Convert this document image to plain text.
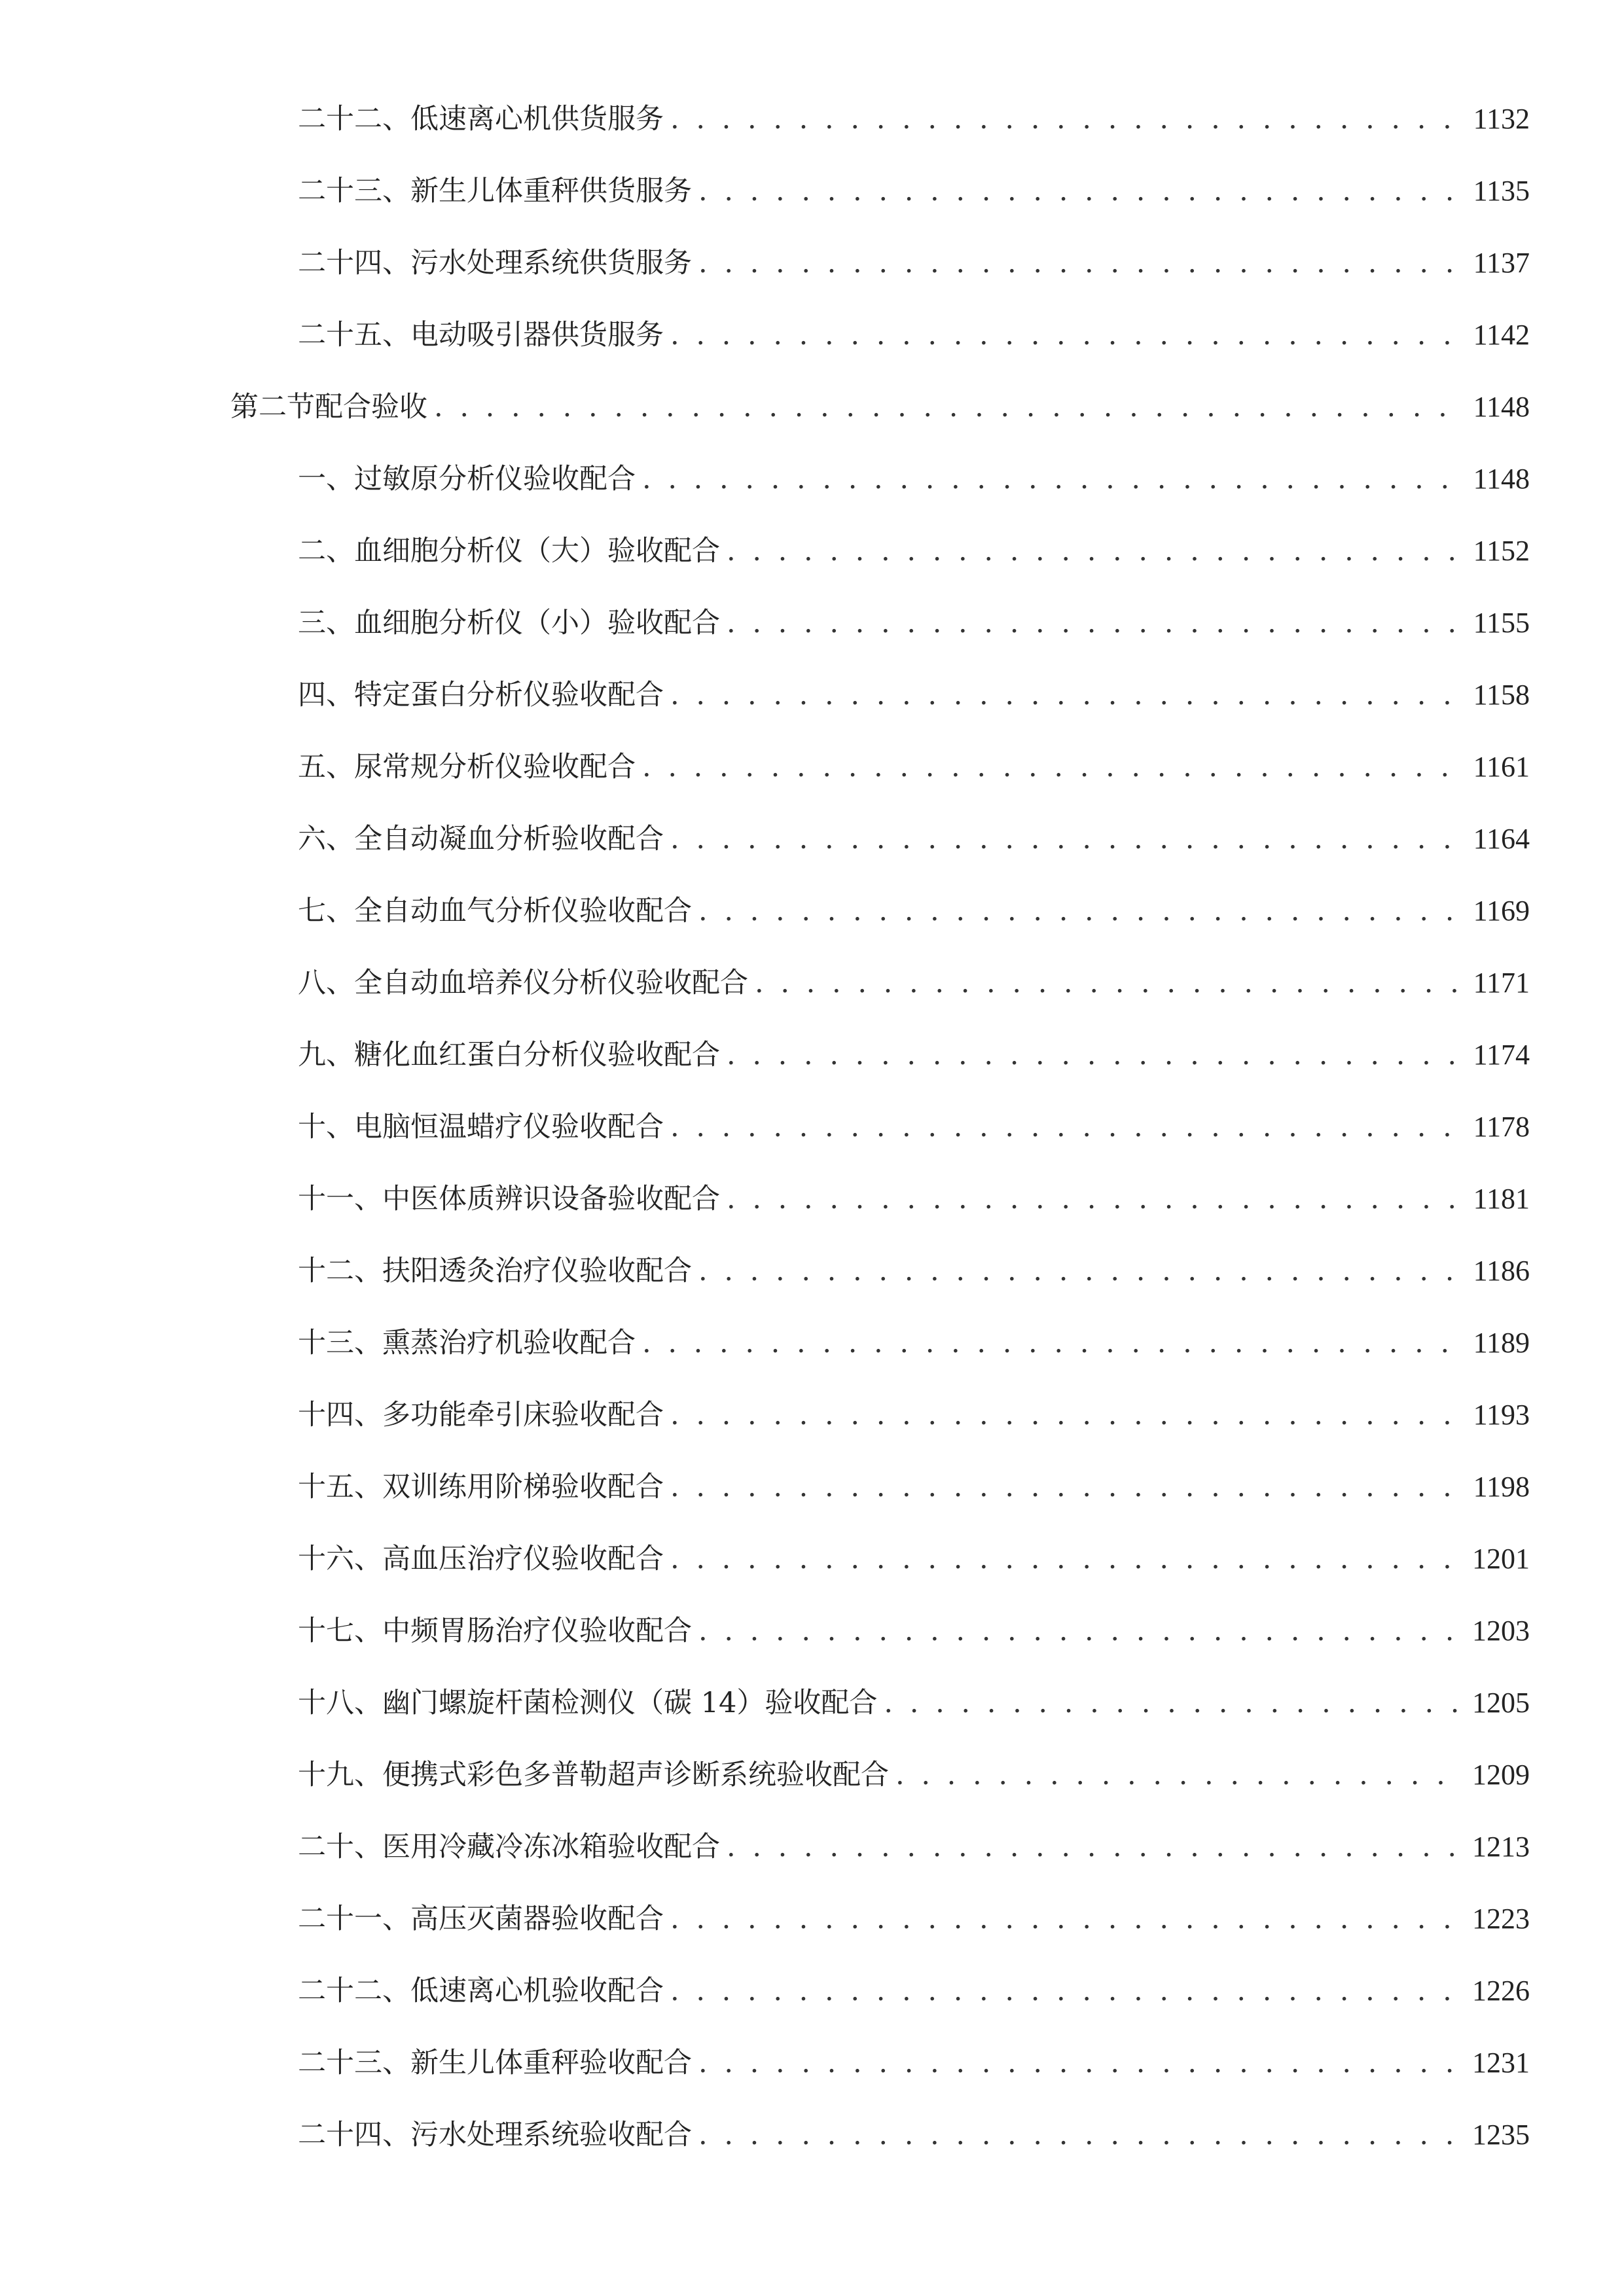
二十二、 低速离心机供货服务 . . .	1132
二十三、 新生儿体重秤供货服务 . . .	1135
二十四、 污水处理系统供货服务 . . .	1137
二十五、 电动吸引器供货服务 . . .	1142
第二节 配合验收 . . .	1148
一、 过敏原分析仪验收配合 . . .	1148
二、 血细胞分析仪（大）验收配合 . . .	1152
三、 血细胞分析仪（小）验收配合 . . .	1155
四、 特定蛋白分析仪验收配合 . . .	1158
五、 尿常规分析仪验收配合 . . .	1161
六、 全自动凝血分析验收配合 . . .	1164
七、 全自动血气分析仪验收配合 . . .	1169
八、 全自动血培养仪分析仪验收配合 . . .	1171
九、 糖化血红蛋白分析仪验收配合 . . .	1174
十、 电脑恒温蜡疗仪验收配合 . . .	1178
十一、 中医体质辨识设备验收配合 . . .	1181
十二、 扶阳透灸治疗仪验收配合 . . .	1186
十三、 熏蒸治疗机验收配合 . . .	1189
十四、 多功能牵引床验收配合 . . .	1193
十五、 双训练用阶梯验收配合 . . .	1198
十六、 高血压治疗仪验收配合 . . .	1201
十七、 中频胃肠治疗仪验收配合 . . .	1203
十八、 幽门螺旋杆菌检测仪（碳 14）验收配合 . . .	1205
十九、 便携式彩色多普勒超声诊断系统验收配合 . . .	1209
二十、 医用冷藏冷冻冰箱验收配合 . . .	1213
二十一、 高压灭菌器验收配合 . . .	1223
二十二、 低速离心机验收配合 . . .	1226
二十三、 新生儿体重秤验收配合 . . .	1231
二十四、 污水处理系统验收配合 . . .	1235
